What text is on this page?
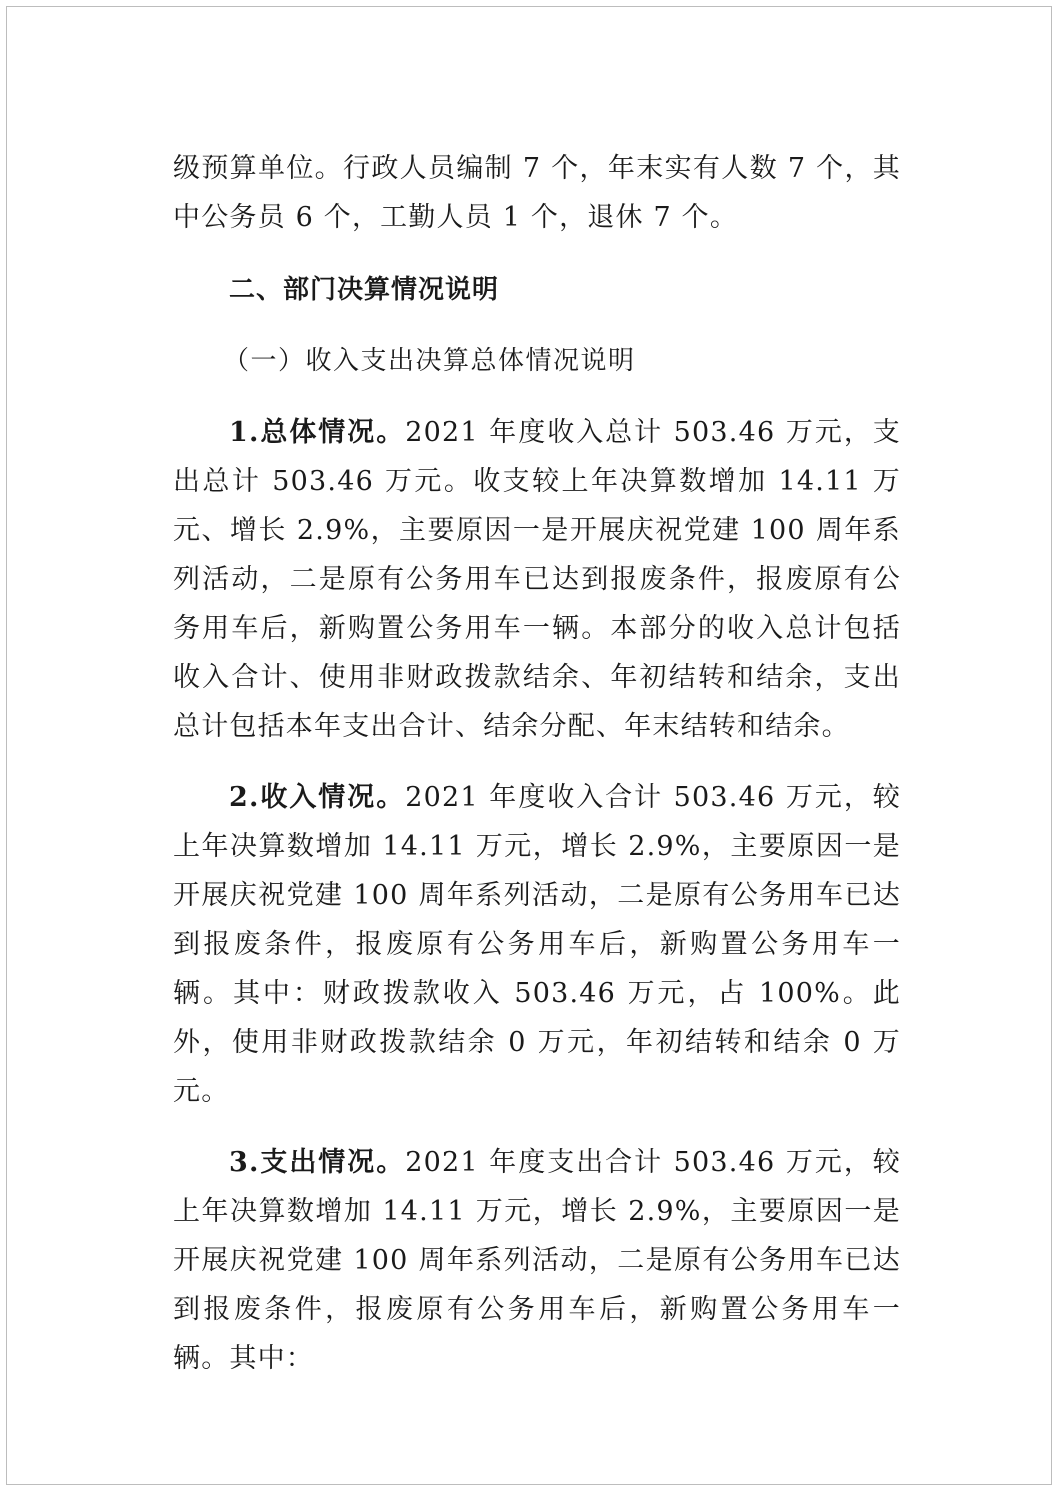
级预算单位。行政人员编制 7 个，年末实有人数 7 个，其中公务员 6 个，工勤人员 1 个，退休 7 个。

二、部门决算情况说明

（一）收入支出决算总体情况说明

1.总体情况。2021 年度收入总计 503.46 万元，支出总计 503.46 万元。收支较上年决算数增加 14.11 万元、增长 2.9%，主要原因一是开展庆祝党建 100 周年系列活动，二是原有公务用车已达到报废条件，报废原有公务用车后，新购置公务用车一辆。本部分的收入总计包括收入合计、使用非财政拨款结余、年初结转和结余，支出总计包括本年支出合计、结余分配、年末结转和结余。

2.收入情况。2021 年度收入合计 503.46 万元，较上年决算数增加 14.11 万元，增长 2.9%，主要原因一是开展庆祝党建 100 周年系列活动，二是原有公务用车已达到报废条件，报废原有公务用车后，新购置公务用车一辆。其中：财政拨款收入 503.46 万元，占 100%。此外，使用非财政拨款结余 0 万元，年初结转和结余 0 万元。

3.支出情况。2021 年度支出合计 503.46 万元，较上年决算数增加 14.11 万元，增长 2.9%，主要原因一是开展庆祝党建 100 周年系列活动，二是原有公务用车已达到报废条件，报废原有公务用车后，新购置公务用车一辆。其中：
